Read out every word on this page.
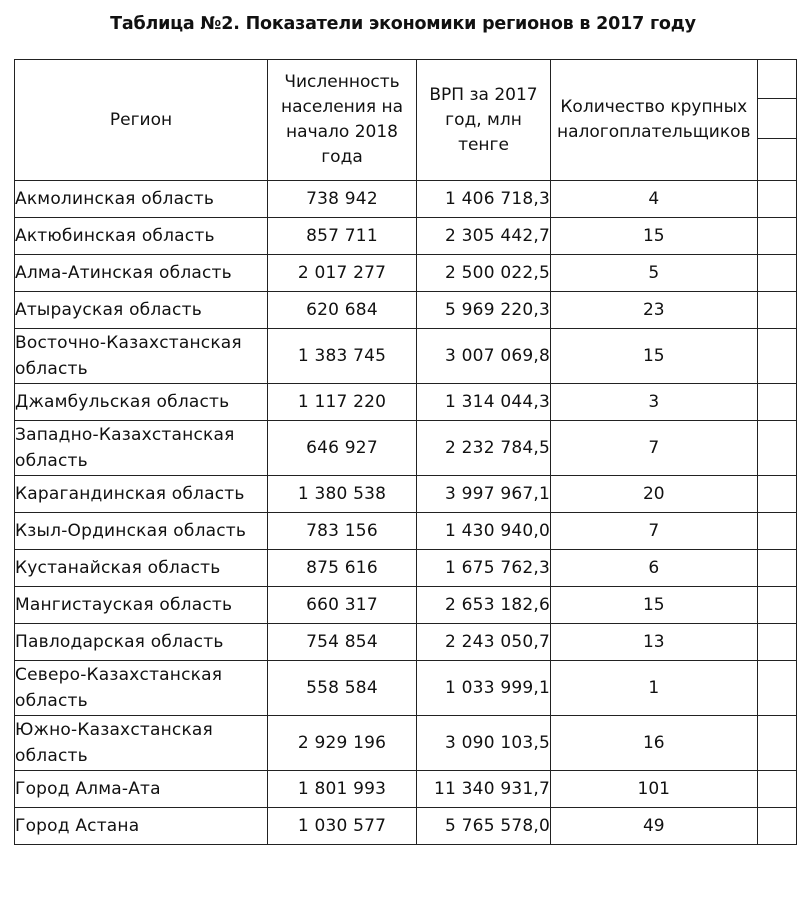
Таблица №2. Показатели экономики регионов в 2017 году
Регион	Численность населения на начало 2018 года	ВРП за 2017 год, млн тенге	Количество крупных налогоплательщиков	

Акмолинская область	738 942	1 406 718,3	4	
Актюбинская область	857 711	2 305 442,7	15	
Алма-Атинская область	2 017 277	2 500 022,5	5	
Атырауская область	620 684	5 969 220,3	23	
Восточно-Казахстанская область	1 383 745	3 007 069,8	15	
Джамбульская область	1 117 220	1 314 044,3	3	
Западно-Казахстанская область	646 927	2 232 784,5	7	
Карагандинская область	1 380 538	3 997 967,1	20	
Кзыл-Ординская область	783 156	1 430 940,0	7	
Кустанайская область	875 616	1 675 762,3	6	
Мангистауская область	660 317	2 653 182,6	15	
Павлодарская область	754 854	2 243 050,7	13	
Северо-Казахстанская область	558 584	1 033 999,1	1	
Южно-Казахстанская область	2 929 196	3 090 103,5	16	
Город Алма-Ата	1 801 993	11 340 931,7	101	
Город Астана	1 030 577	5 765 578,0	49	
